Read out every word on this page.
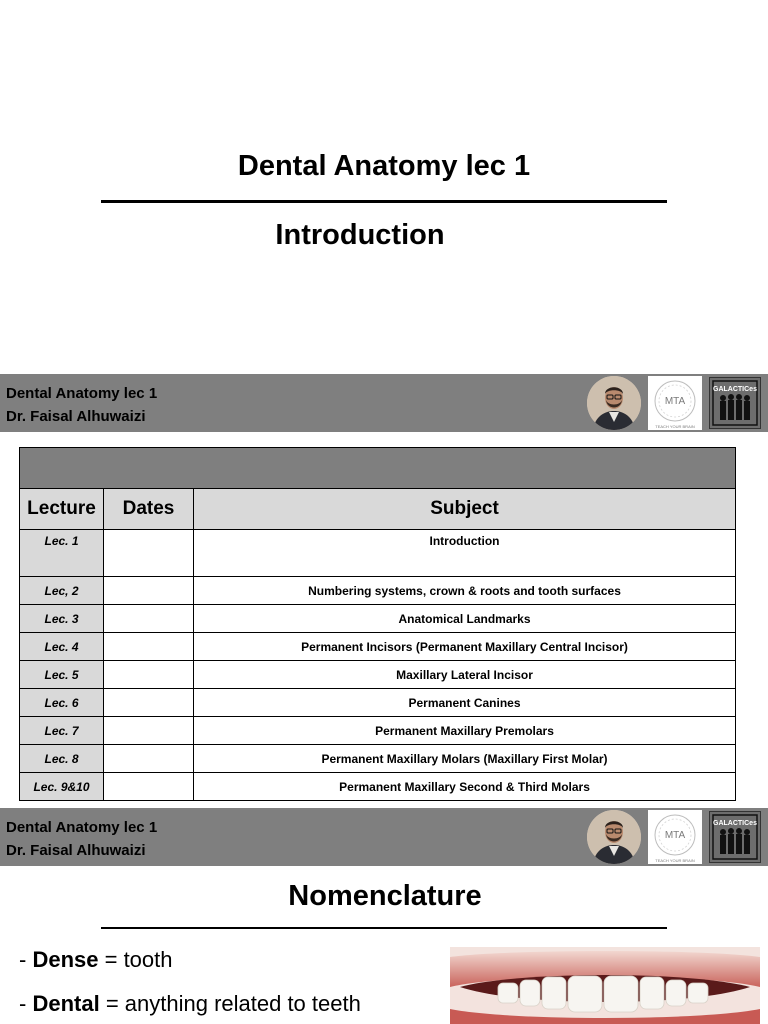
Dental Anatomy lec 1
Introduction
Dental Anatomy lec 1
Dr. Faisal Alhuwaizi
MTA
TEACH YOUR BRAIN
GALACTICes

Lecture	Dates	Subject
Lec. 1		Introduction
Lec, 2		Numbering systems, crown & roots and tooth surfaces
Lec. 3		Anatomical Landmarks
Lec. 4		Permanent Incisors (Permanent Maxillary Central Incisor)
Lec. 5		Maxillary Lateral Incisor
Lec. 6		Permanent Canines
Lec. 7		Permanent Maxillary Premolars
Lec. 8		Permanent Maxillary Molars (Maxillary First Molar)
Lec. 9&10		Permanent Maxillary Second & Third Molars
Dental Anatomy lec 1
Dr. Faisal Alhuwaizi
MTA
TEACH YOUR BRAIN
GALACTICes
Nomenclature
- Dense = tooth
- Dental = anything related to teeth
